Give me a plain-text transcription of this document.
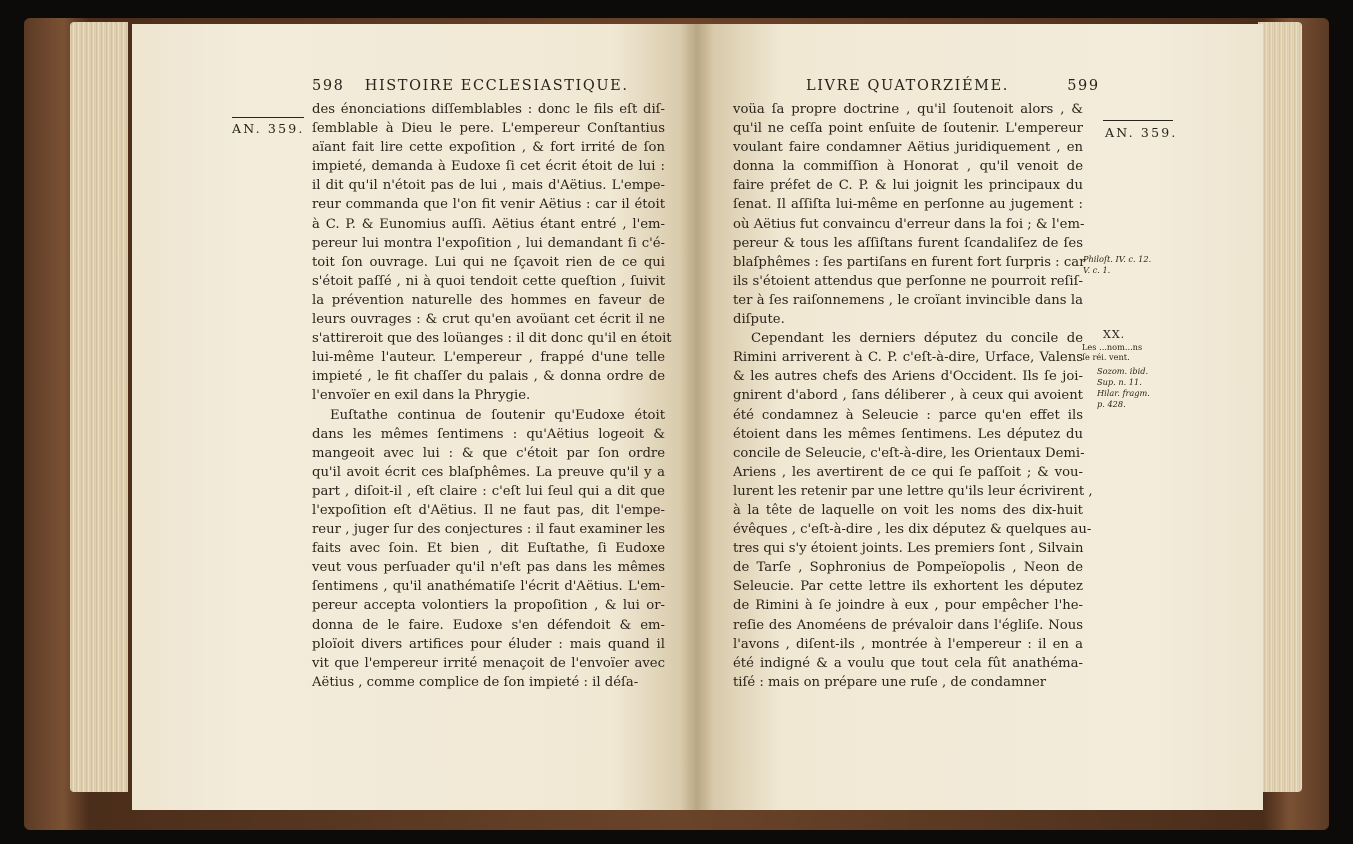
598 HISTOIRE ECCLESIASTIQUE.
AN. 359.
des énonciations diſſemblables : donc le fils eſt diſ-
ſemblable à Dieu le pere. L'empereur Conſtantius
aïant fait lire cette expoſition , & fort irrité de ſon
impieté, demanda à Eudoxe ſi cet écrit étoit de lui :
il dit qu'il n'étoit pas de lui , mais d'Aëtius. L'empe-
reur commanda que l'on fit venir Aëtius : car il étoit
à C. P. & Eunomius auſſi. Aëtius étant entré , l'em-
pereur lui montra l'expoſition , lui demandant ſi c'é-
toit ſon ouvrage. Lui qui ne ſçavoit rien de ce qui
s'étoit paſſé , ni à quoi tendoit cette queſtion , ſuivit
la prévention naturelle des hommes en faveur de
leurs ouvrages : & crut qu'en avoüant cet écrit il ne
s'attireroit que des loüanges : il dit donc qu'il en étoit
lui-même l'auteur. L'empereur , frappé d'une telle
impieté , le fit chaſſer du palais , & donna ordre de
l'envoïer en exil dans la Phrygie.
Euſtathe continua de ſoutenir qu'Eudoxe étoit
dans les mêmes ſentimens : qu'Aëtius logeoit &
mangeoit avec lui : & que c'étoit par ſon ordre
qu'il avoit écrit ces blaſphêmes. La preuve qu'il y a
part , diſoit-il , eſt claire : c'eſt lui ſeul qui a dit que
l'expoſition eſt d'Aëtius. Il ne faut pas, dit l'empe-
reur , juger ſur des conjectures : il faut examiner les
faits avec ſoin. Et bien , dit Euſtathe, ſi Eudoxe
veut vous perſuader qu'il n'eſt pas dans les mêmes
ſentimens , qu'il anathématiſe l'écrit d'Aëtius. L'em-
pereur accepta volontiers la propoſition , & lui or-
donna de le faire. Eudoxe s'en défendoit & em-
ploïoit divers artifices pour éluder : mais quand il
vit que l'empereur irrité menaçoit de l'envoïer avec
Aëtius , comme complice de ſon impieté : il déſa-
LIVRE QUATORZIÉME.	599
AN. 359.
voüa ſa propre doctrine , qu'il ſoutenoit alors , &
qu'il ne ceſſa point enſuite de ſoutenir. L'empereur
voulant faire condamner Aëtius juridiquement , en
donna la commiſſion à Honorat , qu'il venoit de
faire préfet de C. P. & lui joignit les principaux du
ſenat. Il aſſiſta lui-même en perſonne au jugement :
où Aëtius fut convaincu d'erreur dans la foi ; & l'em-
pereur & tous les aſſiſtans furent ſcandaliſez de ſes
blaſphêmes : ſes partiſans en furent fort ſurpris : car
ils s'étoient attendus que perſonne ne pourroit reſiſ-
ter à ſes raiſonnemens , le croïant invincible dans la
diſpute.
Cependant les derniers députez du concile de
Rimini arriverent à C. P. c'eſt-à-dire, Urface, Valens
& les autres chefs des Ariens d'Occident. Ils ſe joi-
gnirent d'abord , ſans déliberer , à ceux qui avoient
été condamnez à Seleucie : parce qu'en effet ils
étoient dans les mêmes ſentimens. Les députez du
concile de Seleucie, c'eſt-à-dire, les Orientaux Demi-
Ariens , les avertirent de ce qui ſe paſſoit ; & vou-
lurent les retenir par une lettre qu'ils leur écrivirent ,
à la tête de laquelle on voit les noms des dix-huit
évêques , c'eſt-à-dire , les dix députez & quelques au-
tres qui s'y étoient joints. Les premiers ſont , Silvain
de Tarſe , Sophronius de Pompeïopolis , Neon de
Seleucie. Par cette lettre ils exhortent les députez
de Rimini à ſe joindre à eux , pour empêcher l'he-
reſie des Anoméens de prévaloir dans l'égliſe. Nous
l'avons , diſent-ils , montrée à l'empereur : il en a
été indigné & a voulu que tout cela fût anathéma-
tiſé : mais on prépare une ruſe , de condamner
Philoſt. IV. c. 12.
V. c. 1.
XX.
Les ...nom...ns
ſe réi. vent.
Sozom. ibid.
Sup. n. 11.
Hilar. fragm.
p. 428.
